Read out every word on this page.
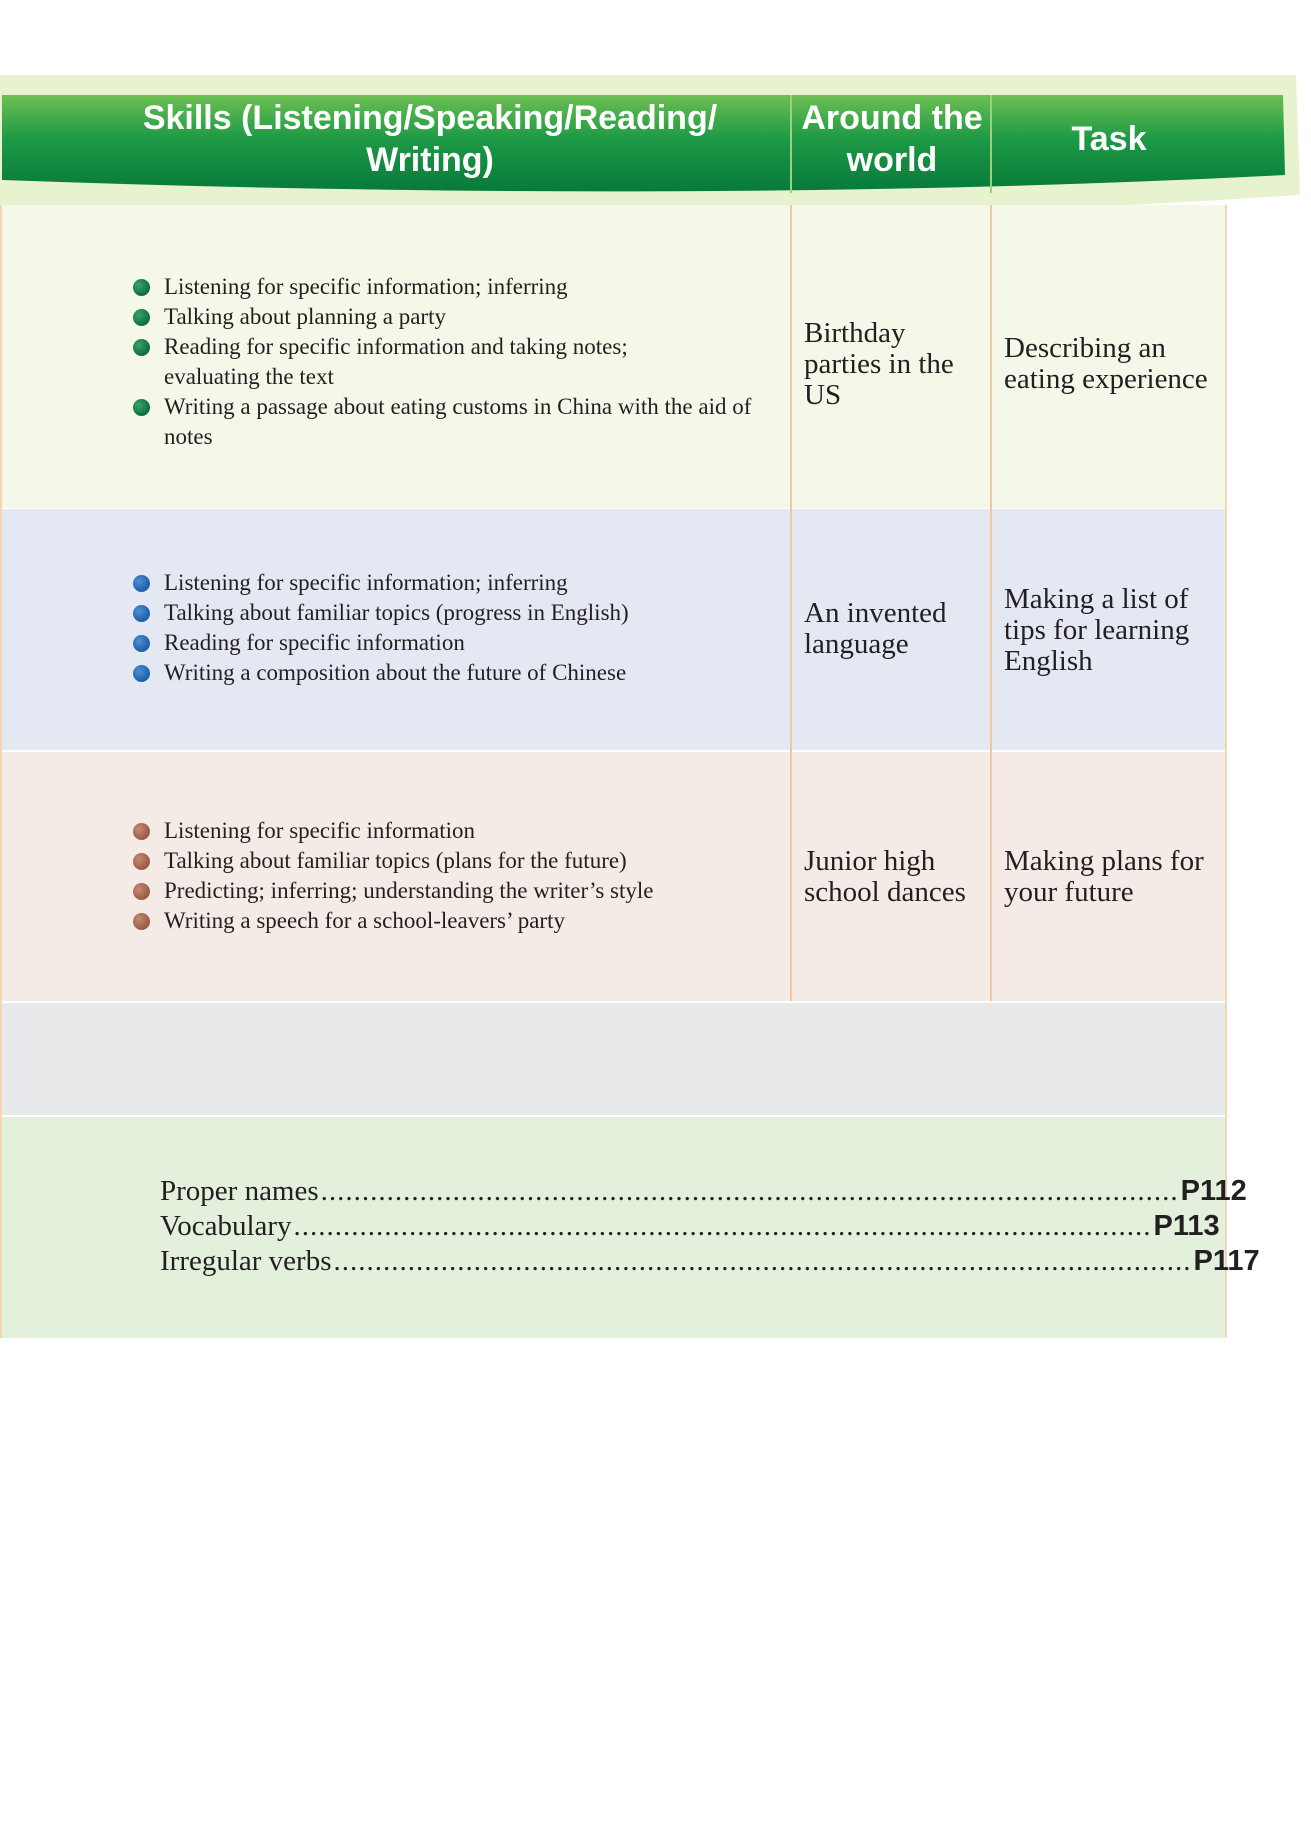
Skills (Listening/Speaking/Reading/ Writing)
Around the world
Task
Listening for specific information; inferring
Talking about planning a party
Reading for specific information and taking notes; evaluating the text
Writing a passage about eating customs in China with the aid of notes
Birthday parties in the US
Describing an eating experience
Listening for specific information; inferring
Talking about familiar topics (progress in English)
Reading for specific information
Writing a composition about the future of Chinese
An invented language
Making a list of tips for learning English
Listening for specific information
Talking about familiar topics (plans for the future)
Predicting; inferring; understanding the writer’s style
Writing a speech for a school-leavers’ party
Junior high school dances
Making plans for your future
Proper names ........................................................................................................ P112
Vocabulary ........................................................................................................ P113
Irregular verbs ........................................................................................................ P117
